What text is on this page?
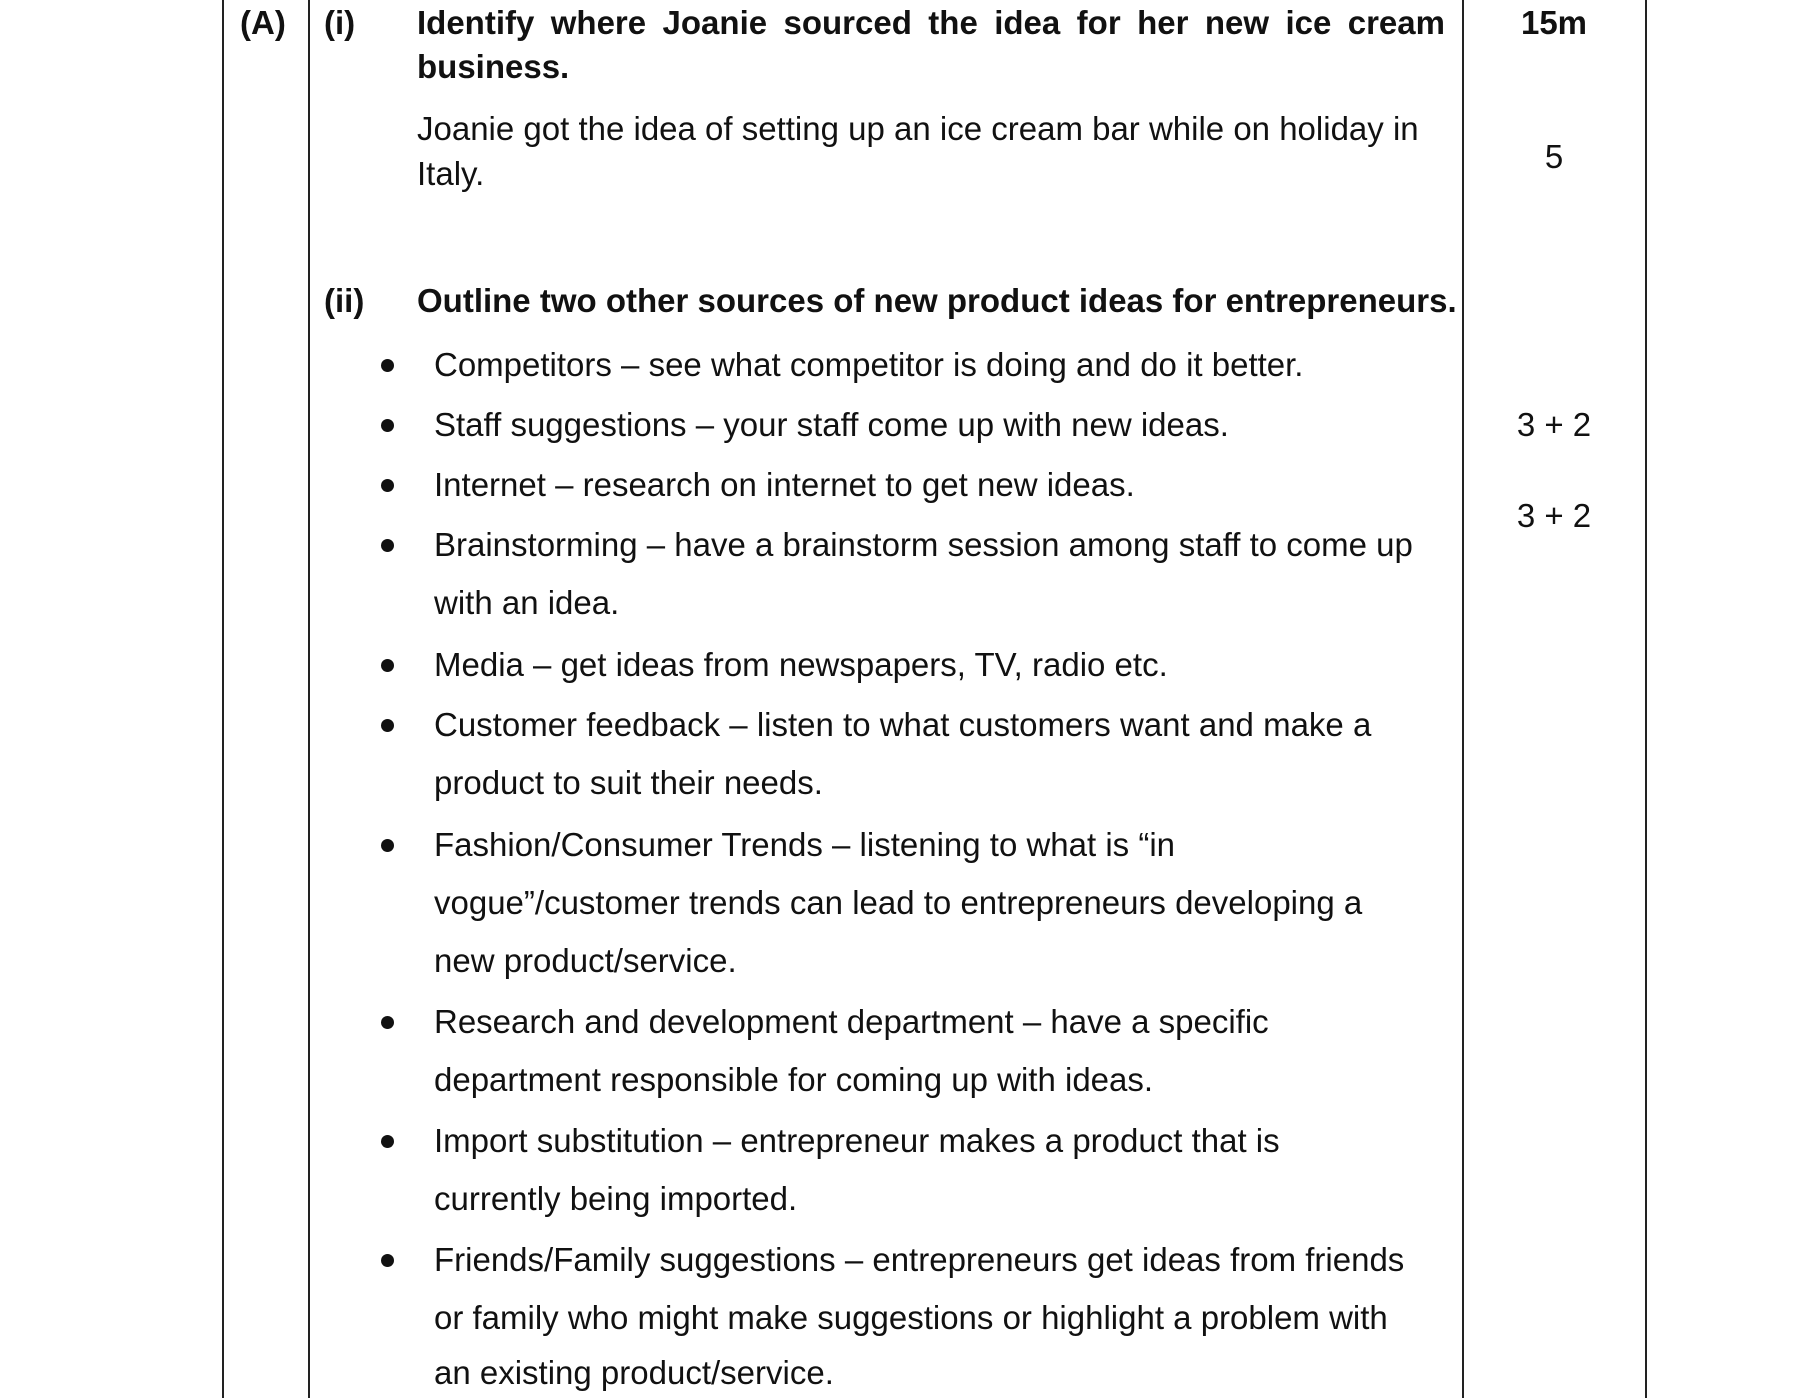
(A)	15m
(i) Identify where Joanie sourced the idea for her new ice cream
business.
Joanie got the idea of setting up an ice cream bar while on holiday in
Italy.	5
(ii) Outline two other sources of new product ideas for entrepreneurs.
3 + 2
3 + 2
Competitors – see what competitor is doing and do it better.
Staff suggestions – your staff come up with new ideas.
Internet – research on internet to get new ideas.
Brainstorming – have a brainstorm session among staff to come up
with an idea.
Media – get ideas from newspapers, TV, radio etc.
Customer feedback – listen to what customers want and make a
product to suit their needs.
Fashion/Consumer Trends – listening to what is “in
vogue”/customer trends can lead to entrepreneurs developing a
new product/service.
Research and development department – have a specific
department responsible for coming up with ideas.
Import substitution – entrepreneur makes a product that is
currently being imported.
Friends/Family suggestions – entrepreneurs get ideas from friends
or family who might make suggestions or highlight a problem with
an existing product/service.
